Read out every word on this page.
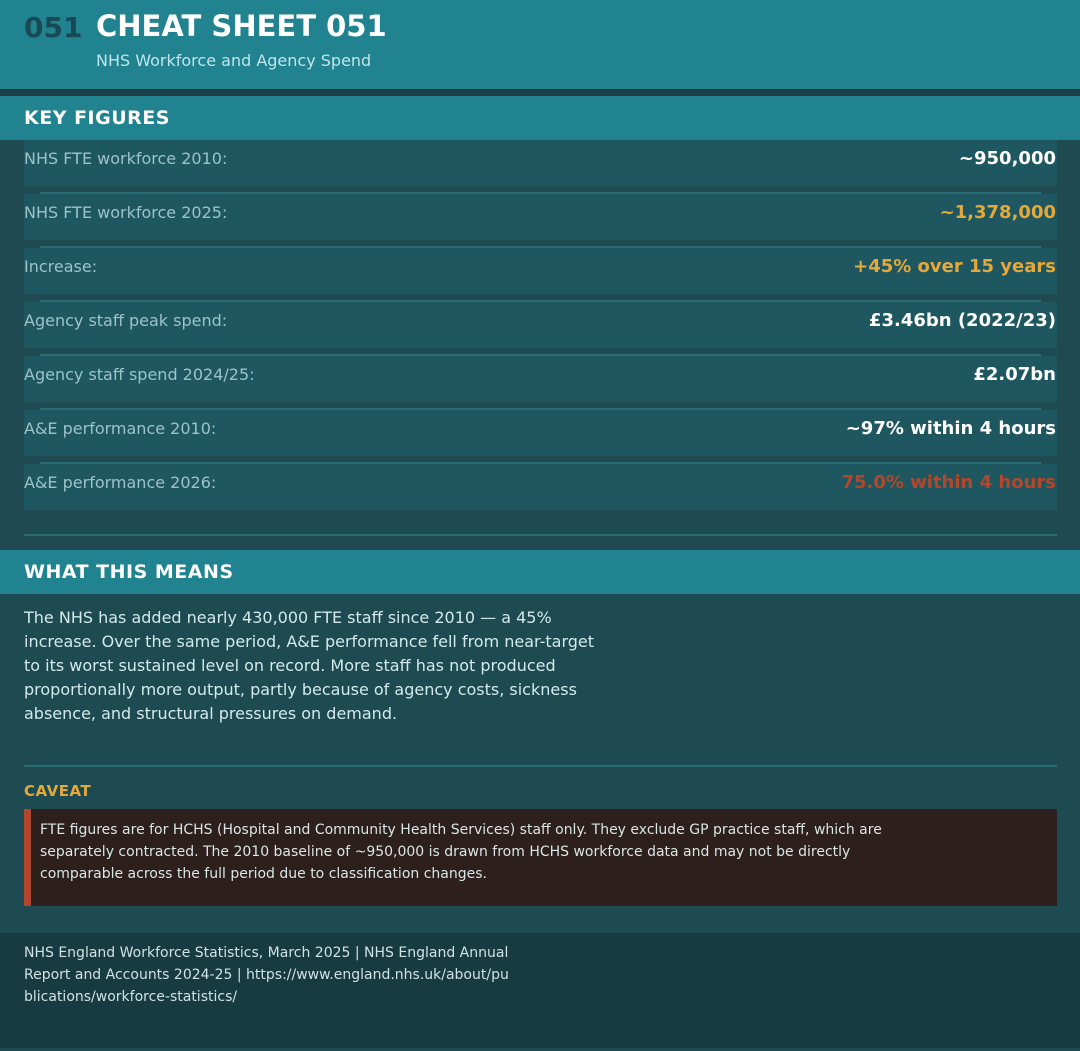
051 CHEAT SHEET 051
NHS Workforce and Agency Spend
KEY FIGURES
NHS FTE workforce 2010:	~950,000
NHS FTE workforce 2025:	~1,378,000
Increase:	+45% over 15 years
Agency staff peak spend:	£3.46bn (2022/23)
Agency staff spend 2024/25:	£2.07bn
A&E performance 2010:	~97% within 4 hours
A&E performance 2026:	75.0% within 4 hours
WHAT THIS MEANS
The NHS has added nearly 430,000 FTE staff since 2010 — a 45% increase. Over the same period, A&E performance fell from near-target to its worst sustained level on record. More staff has not produced proportionally more output, partly because of agency costs, sickness absence, and structural pressures on demand.
CAVEAT
FTE figures are for HCHS (Hospital and Community Health Services) staff only. They exclude GP practice staff, which are separately contracted. The 2010 baseline of ~950,000 is drawn from HCHS workforce data and may not be directly comparable across the full period due to classification changes.
NHS England Workforce Statistics, March 2025 | NHS England Annual Report and Accounts 2024-25 | https://www.england.nhs.uk/about/publications/workforce-statistics/
